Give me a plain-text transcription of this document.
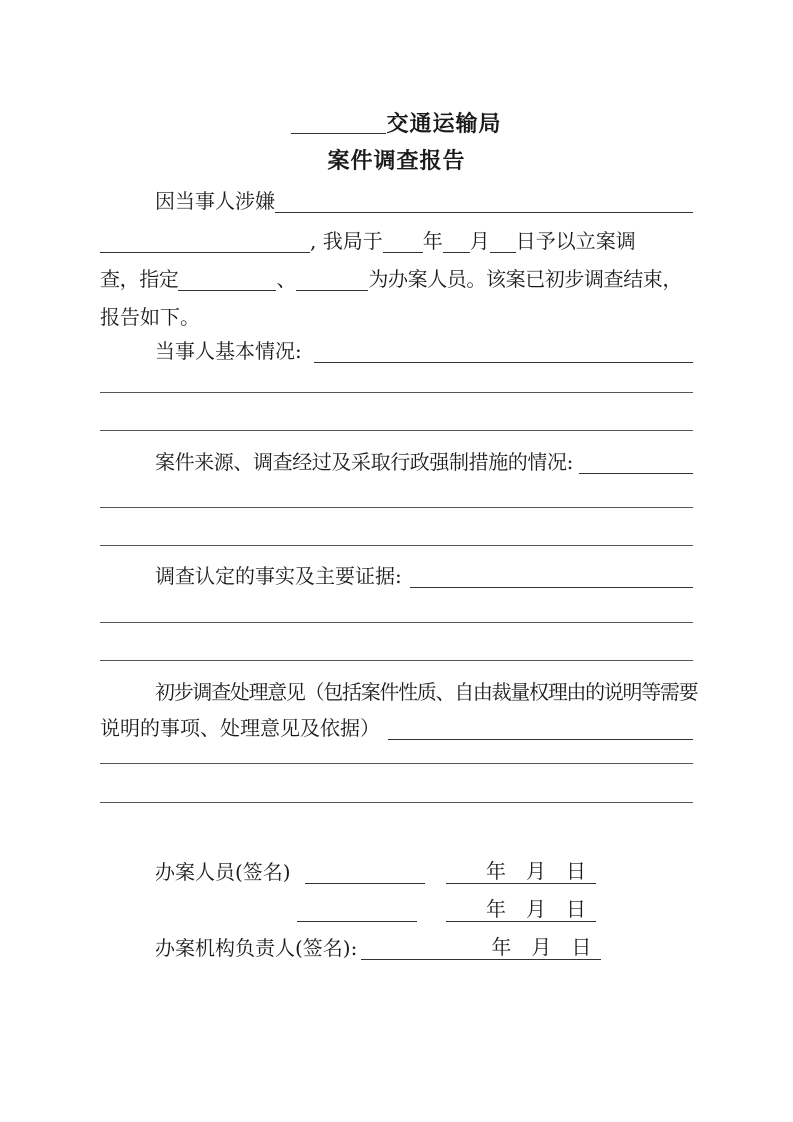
交通运输局
案件调查报告
因当事人涉嫌
, 我局于 年 月 日予以立案调
查，指定	、	为办案人员。该案已初步调查结束，
报告如下。
当事人基本情况:
案件来源、调查经过及采取行政强制措施的情况:
调查认定的事实及主要证据:
初步调查处理意见（包括案件性质、自由裁量权理由的说明等需要
说明的事项、处理意见及依据）
办案人员(签名)	年　月　日
年　月　日
办案机构负责人(签名):	年　月　日
